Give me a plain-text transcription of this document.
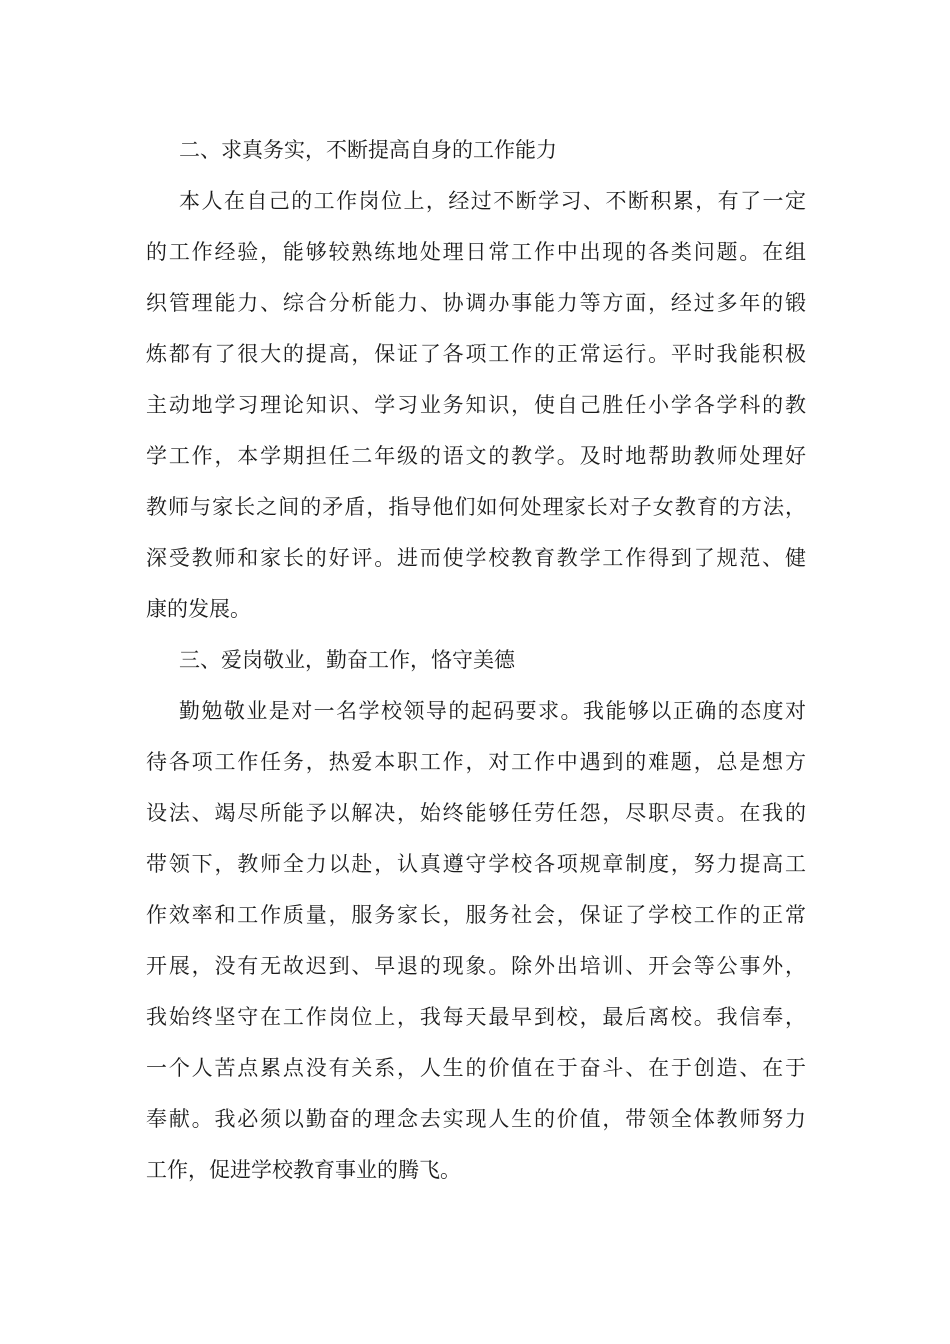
二、求真务实，不断提高自身的工作能力
本人在自己的工作岗位上，经过不断学习、不断积累，有了一定
的工作经验，能够较熟练地处理日常工作中出现的各类问题。在组
织管理能力、综合分析能力、协调办事能力等方面，经过多年的锻
炼都有了很大的提高，保证了各项工作的正常运行。平时我能积极
主动地学习理论知识、学习业务知识，使自己胜任小学各学科的教
学工作，本学期担任二年级的语文的教学。及时地帮助教师处理好
教师与家长之间的矛盾，指导他们如何处理家长对子女教育的方法，
深受教师和家长的好评。进而使学校教育教学工作得到了规范、健
康的发展。
三、爱岗敬业，勤奋工作，恪守美德
勤勉敬业是对一名学校领导的起码要求。我能够以正确的态度对
待各项工作任务，热爱本职工作，对工作中遇到的难题，总是想方
设法、竭尽所能予以解决，始终能够任劳任怨，尽职尽责。在我的
带领下，教师全力以赴，认真遵守学校各项规章制度，努力提高工
作效率和工作质量，服务家长，服务社会，保证了学校工作的正常
开展，没有无故迟到、早退的现象。除外出培训、开会等公事外，
我始终坚守在工作岗位上，我每天最早到校，最后离校。我信奉，
一个人苦点累点没有关系，人生的价值在于奋斗、在于创造、在于
奉献。我必须以勤奋的理念去实现人生的价值，带领全体教师努力
工作，促进学校教育事业的腾飞。
